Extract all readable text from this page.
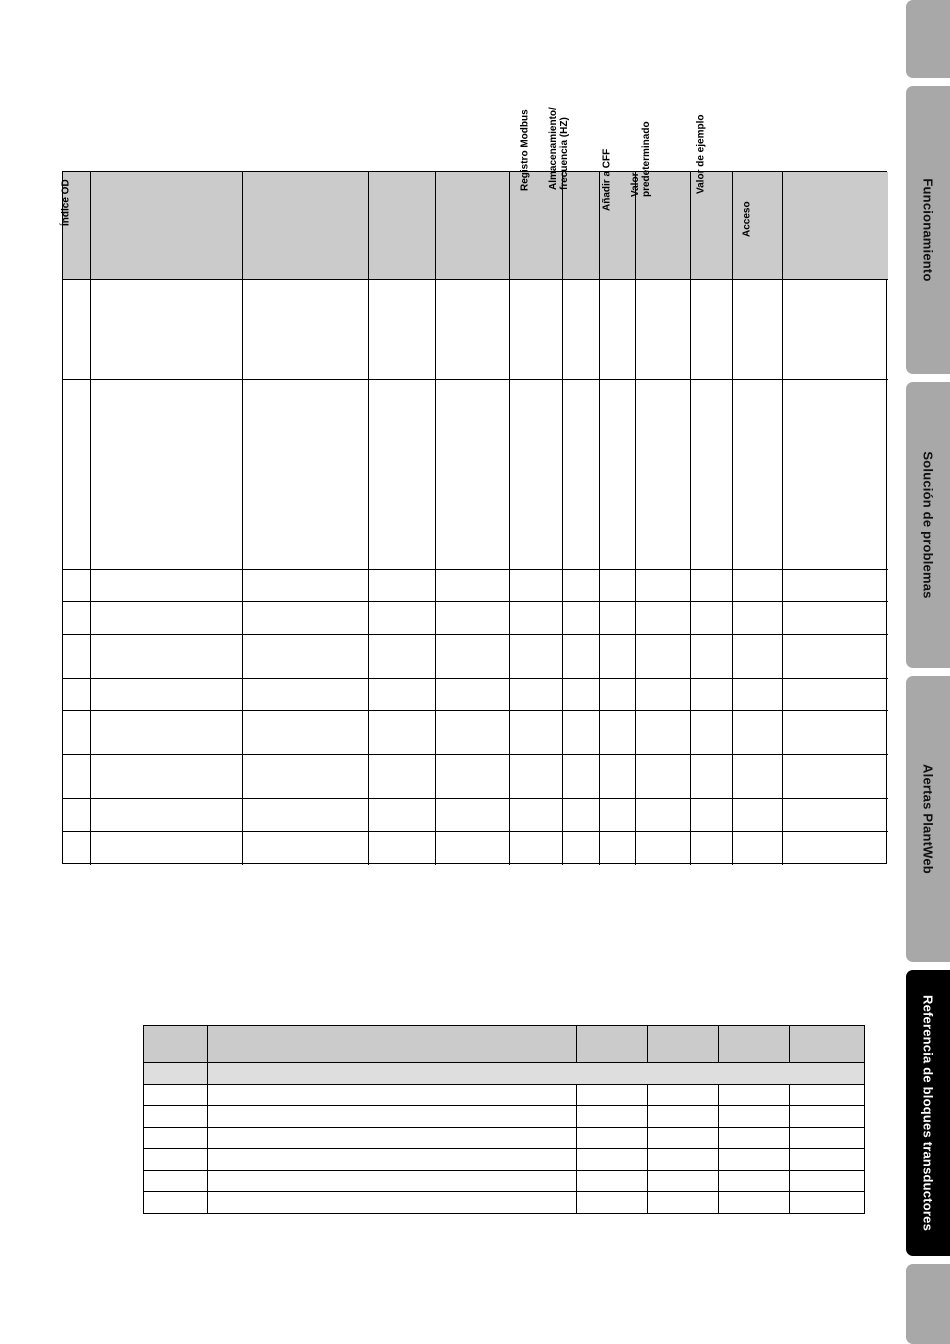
Funcionamiento
Solución de problemas
Alertas PlantWeb
Referencia de bloques transductores
Índice OD
Registro Modbus Almacenamiento/
frecuencia (HZ)
Añadir a CFF Valor
predeterminado	Valor de ejemplo
Acceso
